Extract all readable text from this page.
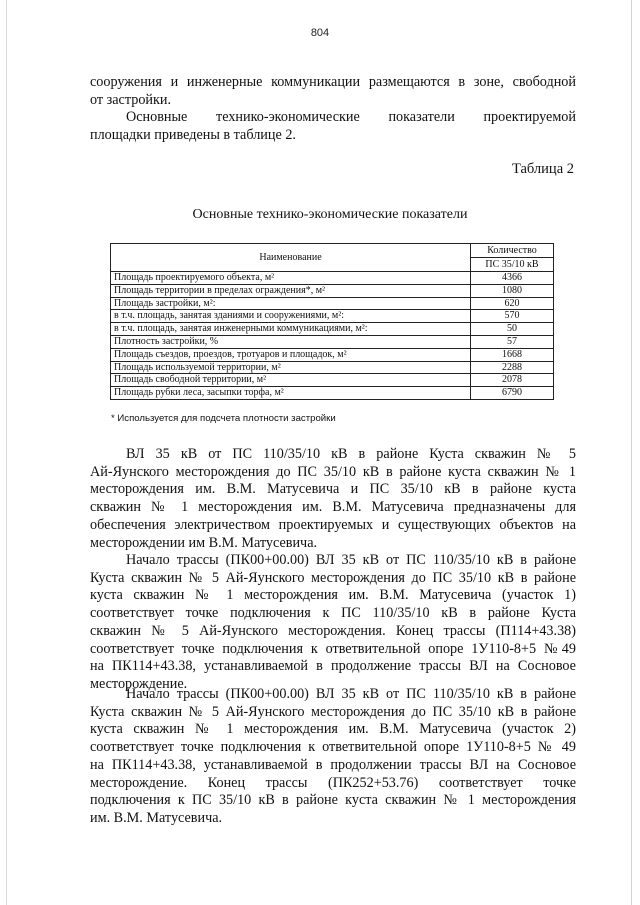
804
сооружения и инженерные коммуникации размещаются в зоне, свободной
от застройки.
Основные технико-экономические показатели проектируемой
площадки приведены в таблице 2.
Таблица 2
Основные технико-экономические показатели
Наименование	Количество
	ПС 35/10 кВ
Площадь проектируемого объекта, м²	4366
Площадь территории в пределах ограждения*, м²	1080
Площадь застройки, м²:	620
в т.ч. площадь, занятая зданиями и сооружениями, м²:	570
в т.ч. площадь, занятая инженерными коммуникациями, м²:	50
Плотность застройки, %	57
Площадь съездов, проездов, тротуаров и площадок, м²	1668
Площадь используемой территории, м²	2288
Площадь свободной территории, м²	2078
Площадь рубки леса, засыпки торфа, м²	6790
* Используется для подсчета плотности застройки
ВЛ 35 кВ от ПС 110/35/10 кВ в районе Куста скважин № 5
Ай-Яунского месторождения до ПС 35/10 кВ в районе куста скважин № 1
месторождения им. В.М. Матусевича и ПС 35/10 кВ в районе куста
скважин № 1 месторождения им. В.М. Матусевича предназначены для
обеспечения электричеством проектируемых и существующих объектов на
месторождении им В.М. Матусевича.
Начало трассы (ПК00+00.00) ВЛ 35 кВ от ПС 110/35/10 кВ в районе
Куста скважин № 5 Ай-Яунского месторождения до ПС 35/10 кВ в районе
куста скважин № 1 месторождения им. В.М. Матусевича (участок 1)
соответствует точке подключения к ПС 110/35/10 кВ в районе Куста
скважин № 5 Ай-Яунского месторождения. Конец трассы (П114+43.38)
соответствует точке подключения к ответвительной опоре 1У110-8+5 №49
на ПК114+43.38, устанавливаемой в продолжение трассы ВЛ на Сосновое
месторождение.
Начало трассы (ПК00+00.00) ВЛ 35 кВ от ПС 110/35/10 кВ в районе
Куста скважин № 5 Ай-Яунского месторождения до ПС 35/10 кВ в районе
куста скважин № 1 месторождения им. В.М. Матусевича (участок 2)
соответствует точке подключения к ответвительной опоре 1У110-8+5 № 49
на ПК114+43.38, устанавливаемой в продолжении трассы ВЛ на Сосновое
месторождение. Конец трассы (ПК252+53.76) соответствует точке
подключения к ПС 35/10 кВ в районе куста скважин № 1 месторождения
им. В.М. Матусевича.
